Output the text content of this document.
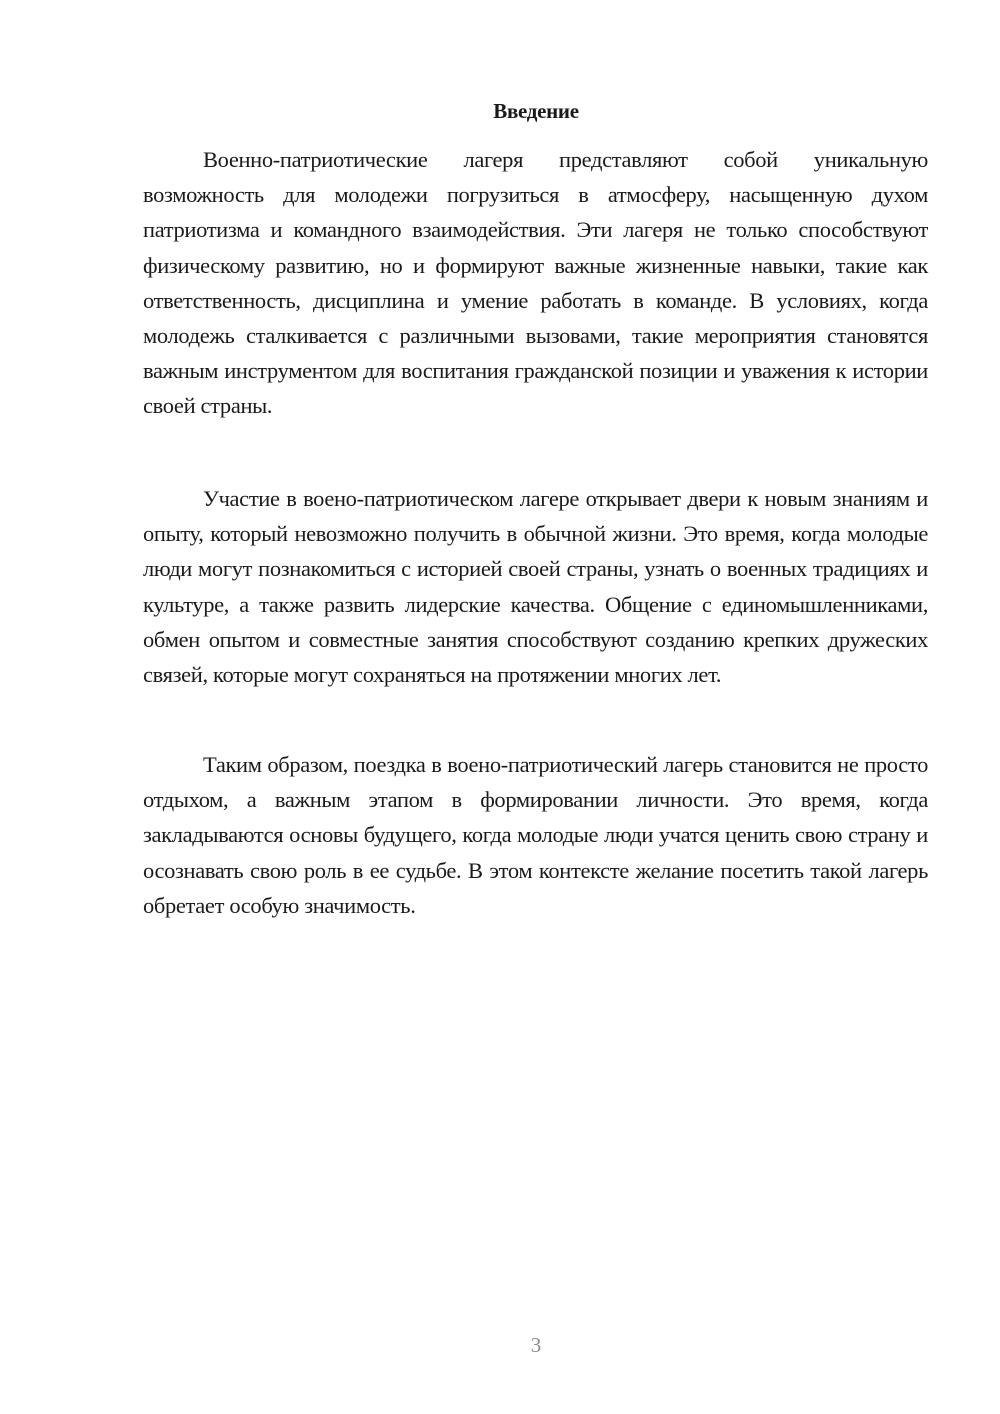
Введение

Военно-патриотические лагеря представляют собой уникальную возможность для молодежи погрузиться в атмосферу, насыщенную духом патриотизма и командного взаимодействия. Эти лагеря не только способствуют физическому развитию, но и формируют важные жизненные навыки, такие как ответственность, дисциплина и умение работать в команде. В условиях, когда молодежь сталкивается с различными вызовами, такие мероприятия становятся важным инструментом для воспитания гражданской позиции и уважения к истории своей страны.

Участие в воено-патриотическом лагере открывает двери к новым знаниям и опыту, который невозможно получить в обычной жизни. Это время, когда молодые люди могут познакомиться с историей своей страны, узнать о военных традициях и культуре, а также развить лидерские качества. Общение с единомышленниками, обмен опытом и совместные занятия способствуют созданию крепких дружеских связей, которые могут сохраняться на протяжении многих лет.

Таким образом, поездка в воено-патриотический лагерь становится не просто отдыхом, а важным этапом в формировании личности. Это время, когда закладываются основы будущего, когда молодые люди учатся ценить свою страну и осознавать свою роль в ее судьбе. В этом контексте желание посетить такой лагерь обретает особую значимость.

3
